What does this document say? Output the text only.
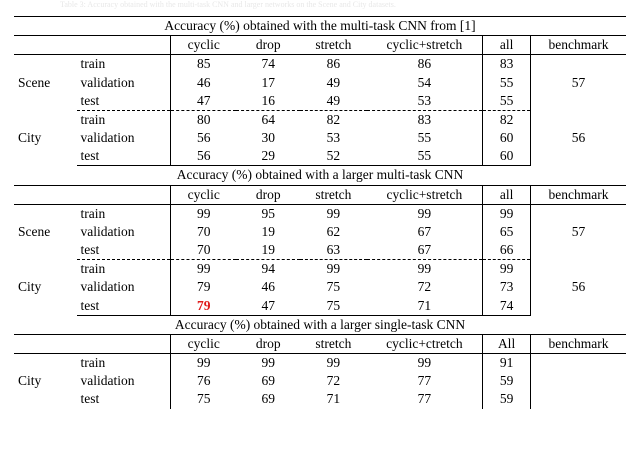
Table 3: Accuracy obtained with the multi-task CNN and larger networks on the Scene and City datasets.
Accuracy (%) obtained with the multi-task CNN from [1]							
		cyclic	drop	stretch	cyclic+stretch	all	benchmark
Scene	train	85	74	86	86	83	57
	validation	46	17	49	54	55	
	test	47	16	49	53	55	
City	train	80	64	82	83	82	56
	validation	56	30	53	55	60	
	test	56	29	52	55	60	
Accuracy (%) obtained with a larger multi-task CNN							
		cyclic	drop	stretch	cyclic+stretch	all	benchmark
Scene	train	99	95	99	99	99	57
	validation	70	19	62	67	65	
	test	70	19	63	67	66	
City	train	99	94	99	99	99	56
	validation	79	46	75	72	73	
	test	79	47	75	71	74	
Accuracy (%) obtained with a larger single-task CNN							
		cyclic	drop	stretch	cyclic+ctretch	All	benchmark
City	train	99	99	99	99	91	
	validation	76	69	72	77	59	
	test	75	69	71	77	59	
